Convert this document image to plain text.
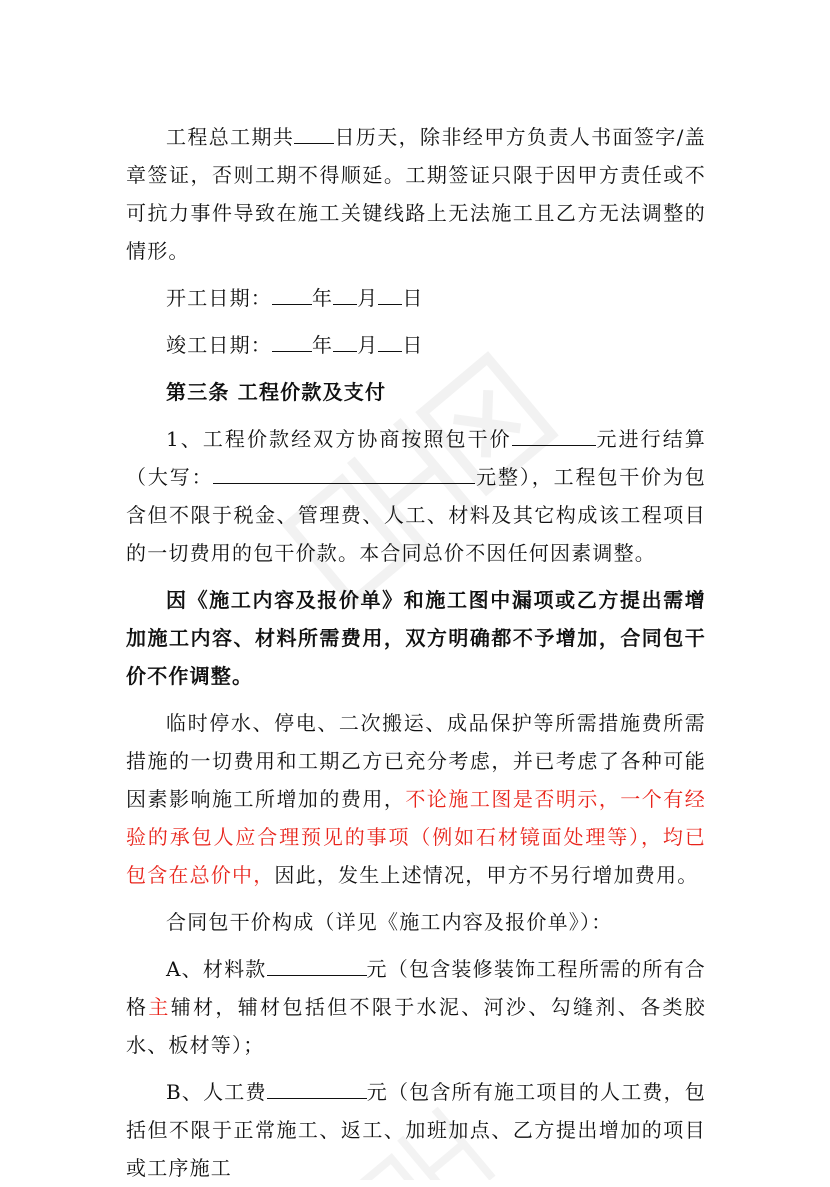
工程总工期共 日历天，除非经甲方负责人书面签字/盖章签证，否则工期不得顺延。工期签证只限于因甲方责任或不可抗力事件导致在施工关键线路上无法施工且乙方无法调整的情形。

开工日期： 年 月 日

竣工日期： 年 月 日

第三条 工程价款及支付

1、工程价款经双方协商按照包干价	元进行结算（大写：	元整），工程包干价为包含但不限于税金、管理费、人工、材料及其它构成该工程项目的一切费用的包干价款。本合同总价不因任何因素调整。

因《施工内容及报价单》和施工图中漏项或乙方提出需增加施工内容、材料所需费用，双方明确都不予增加，合同包干价不作调整。

临时停水、停电、二次搬运、成品保护等所需措施费所需措施的一切费用和工期乙方已充分考虑，并已考虑了各种可能因素影响施工所增加的费用，不论施工图是否明示，一个有经验的承包人应合理预见的事项（例如石材镜面处理等），均已包含在总价中，因此，发生上述情况，甲方不另行增加费用。

合同包干价构成（详见《施工内容及报价单》）：

A、材料款	元（包含装修装饰工程所需的所有合格主辅材，辅材包括但不限于水泥、河沙、勾缝剂、各类胶水、板材等）；

B、人工费	元（包含所有施工项目的人工费，包括但不限于正常施工、返工、加班加点、乙方提出增加的项目或工序施工
